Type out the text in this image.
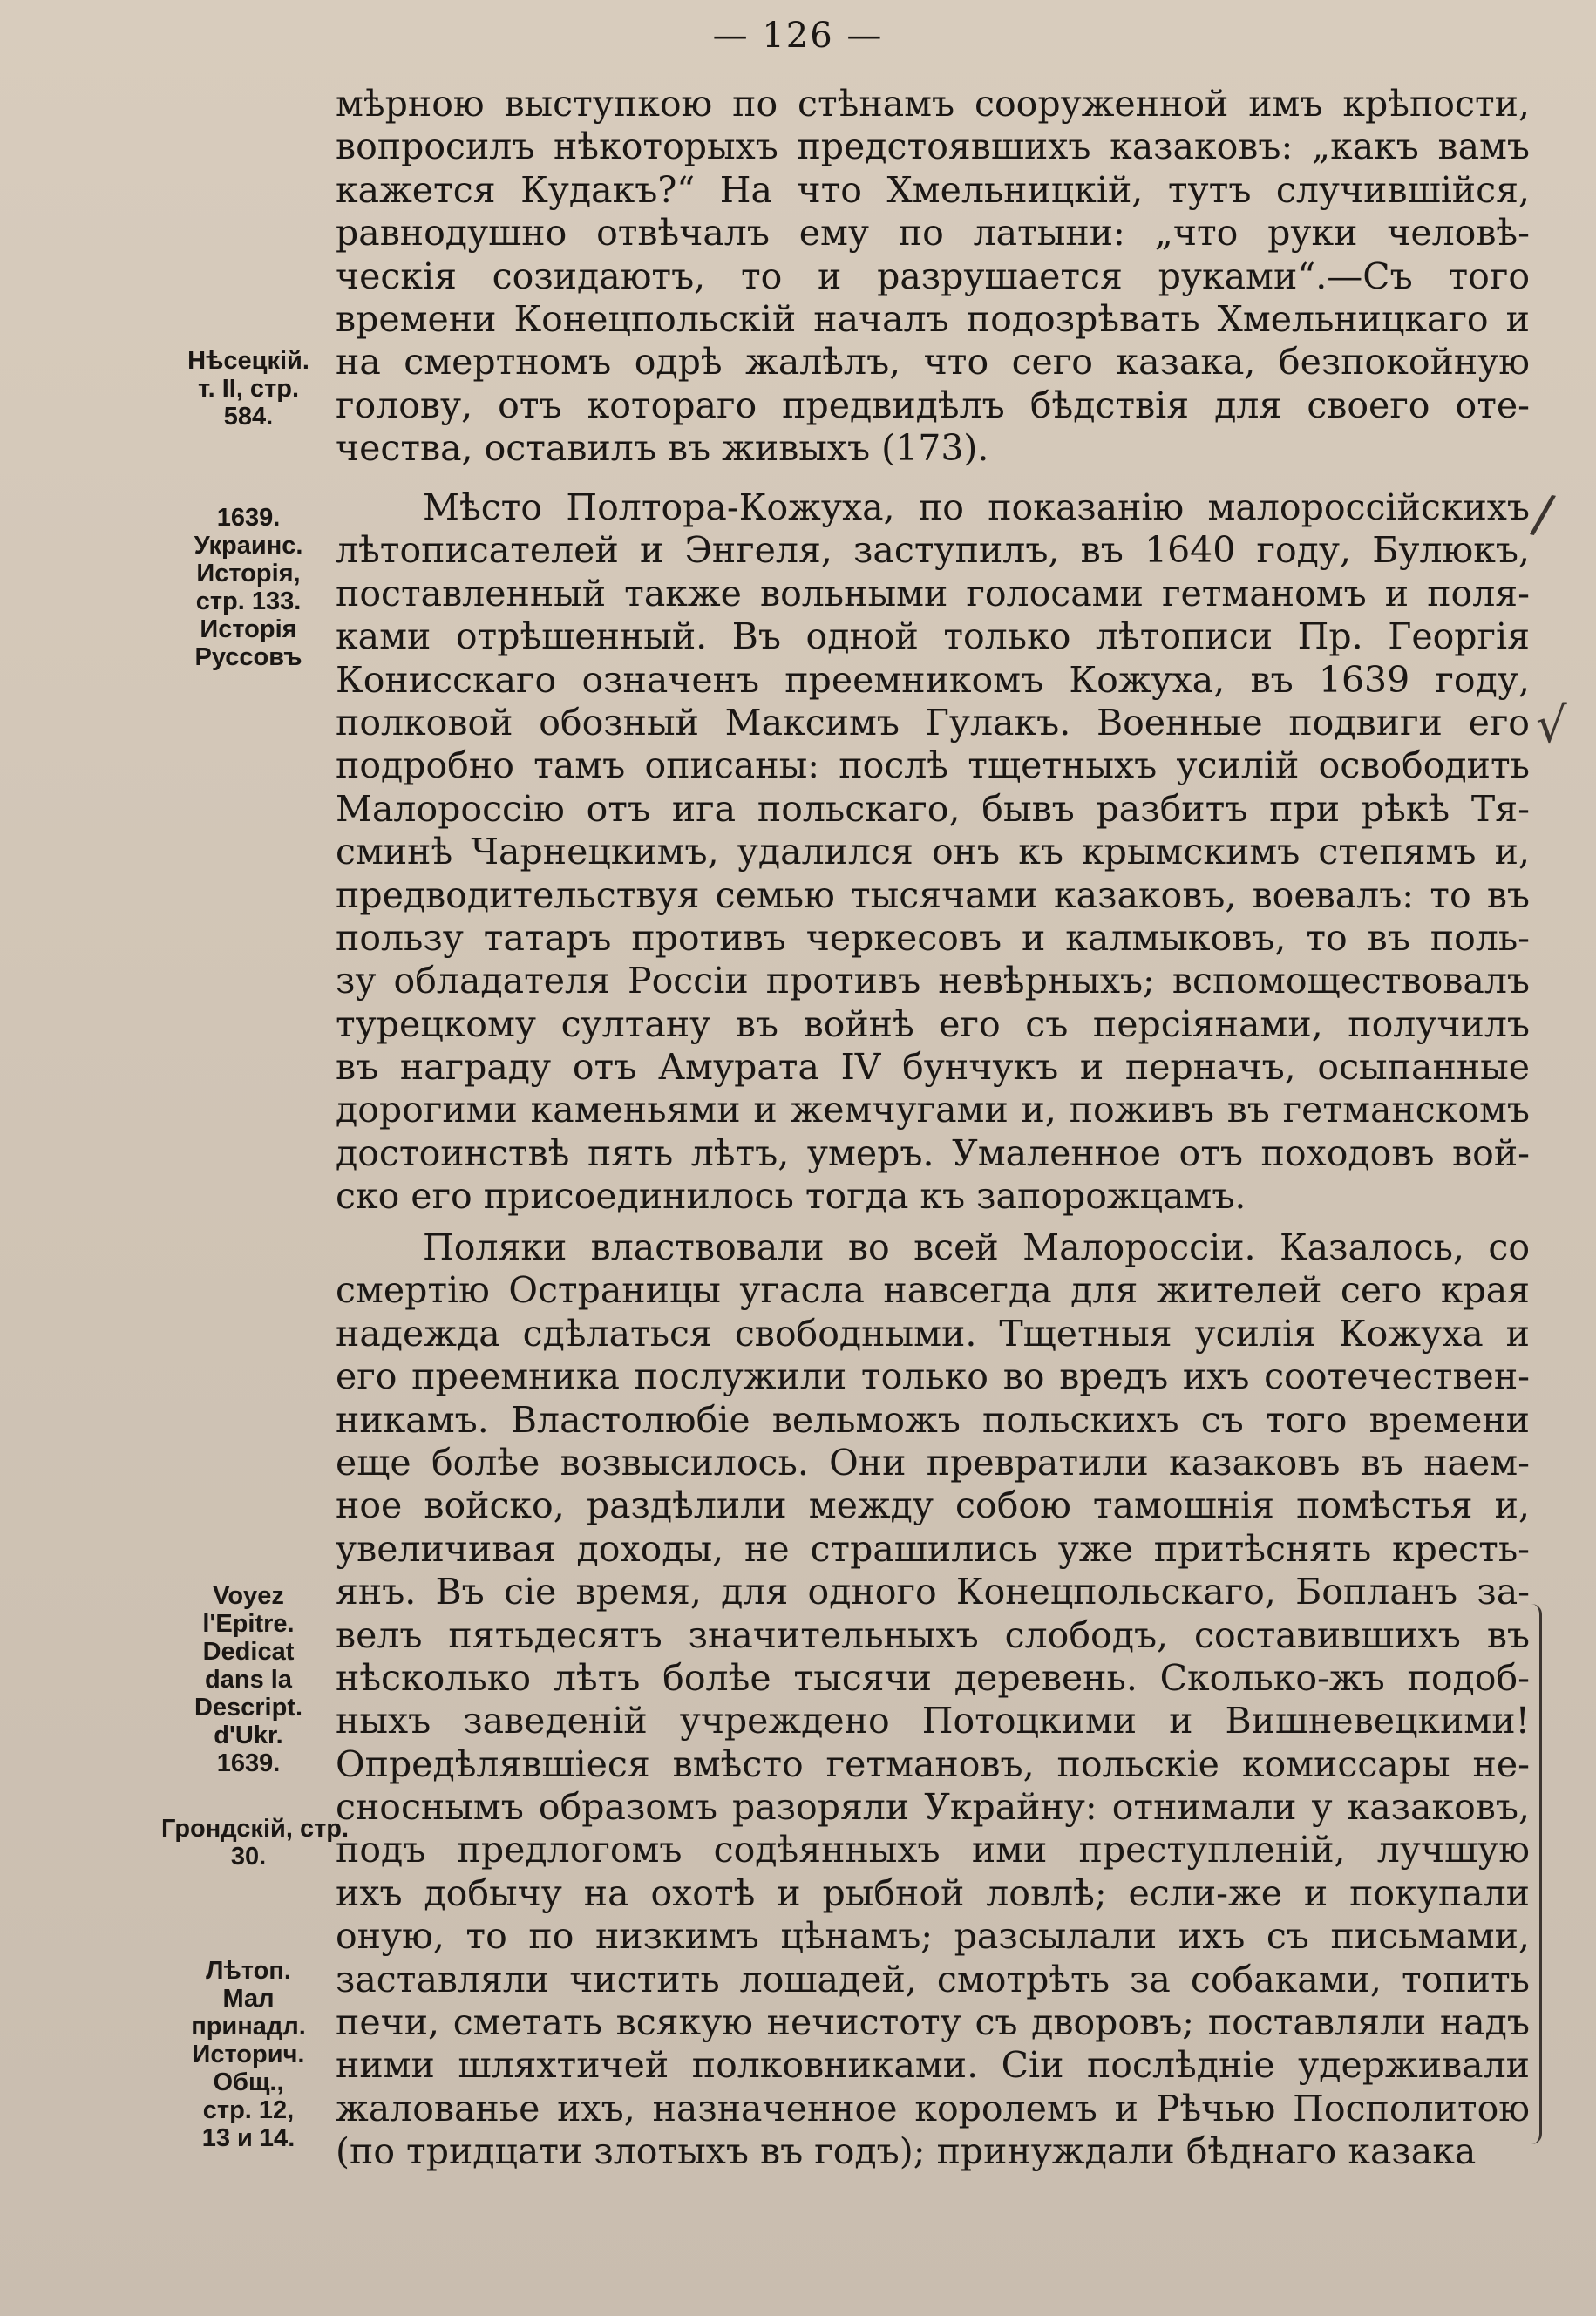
— 126 —
мѣрною выступкою по стѣнамъ сооруженной имъ крѣпости,
вопросилъ нѣкоторыхъ предстоявшихъ казаковъ: „какъ вамъ
кажется Кудакъ?“ На что Хмельницкій, тутъ случившійся,
равнодушно отвѣчалъ ему по латыни: „что руки человѣ-
ческія созидаютъ, то и разрушается руками“.—Съ того
времени Конецпольскій началъ подозрѣвать Хмельницкаго и
на смертномъ одрѣ жалѣлъ, что сего казака, безпокойную
голову, отъ котораго предвидѣлъ бѣдствія для своего оте-
чества, оставилъ въ живыхъ (173).
Мѣсто Полтора-Кожуха, по показанію малороссійскихъ
лѣтописателей и Энгеля, заступилъ, въ 1640 году, Булюкъ,
поставленный также вольными голосами гетманомъ и поля-
ками отрѣшенный. Въ одной только лѣтописи Пр. Георгія
Конисскаго означенъ преемникомъ Кожуха, въ 1639 году,
полковой обозный Максимъ Гулакъ. Военные подвиги его
подробно тамъ описаны: послѣ тщетныхъ усилій освободить
Малороссію отъ ига польскаго, бывъ разбитъ при рѣкѣ Тя-
сминѣ Чарнецкимъ, удалился онъ къ крымскимъ степямъ и,
предводительствуя семью тысячами казаковъ, воевалъ: то въ
пользу татаръ противъ черкесовъ и калмыковъ, то въ поль-
зу обладателя Россіи противъ невѣрныхъ; вспомоществовалъ
турецкому султану въ войнѣ его съ персіянами, получилъ
въ награду отъ Амурата IV бунчукъ и перначъ, осыпанные
дорогими каменьями и жемчугами и, поживъ въ гетманскомъ
достоинствѣ пять лѣтъ, умеръ. Умаленное отъ походовъ вой-
ско его присоединилось тогда къ запорожцамъ.
Поляки властвовали во всей Малороссіи. Казалось, со
смертію Остраницы угасла навсегда для жителей сего края
надежда сдѣлаться свободными. Тщетныя усилія Кожуха и
его преемника послужили только во вредъ ихъ соотечествен-
никамъ. Властолюбіе вельможъ польскихъ съ того времени
еще болѣе возвысилось. Они превратили казаковъ въ наем-
ное войско, раздѣлили между собою тамошнія помѣстья и,
увеличивая доходы, не страшились уже притѣснять кресть-
янъ. Въ сіе время, для одного Конецпольскаго, Бопланъ за-
велъ пятьдесятъ значительныхъ слободъ, составившихъ въ
нѣсколько лѣтъ болѣе тысячи деревень. Сколько-жъ подоб-
ныхъ заведеній учреждено Потоцкими и Вишневецкими!
Опредѣлявшіеся вмѣсто гетмановъ, польскіе комиссары не-
сноснымъ образомъ разоряли Украйну: отнимали у казаковъ,
подъ предлогомъ содѣянныхъ ими преступленій, лучшую
ихъ добычу на охотѣ и рыбной ловлѣ; если-же и покупали
оную, то по низкимъ цѣнамъ; разсылали ихъ съ письмами,
заставляли чистить лошадей, смотрѣть за собаками, топить
печи, сметать всякую нечистоту съ дворовъ; поставляли надъ
ними шляхтичей полковниками. Сіи послѣдніе удерживали
жалованье ихъ, назначенное королемъ и Рѣчью Посполитою
(по тридцати злотыхъ въ годъ); принуждали бѣднаго казака
Нѣсецкій.
т. II, стр.
584.
1639.
Украинс.
Исторія,
стр. 133.
Исторія
Руссовъ
Voyez
l'Epitre.
Dedicat
dans la
Descript.
d'Ukr.
1639.
Грондскій, стр.
30.
Лѣтоп.
Мал
принадл.
Историч.
Общ.,
стр. 12,
13 и 14.
/
√
